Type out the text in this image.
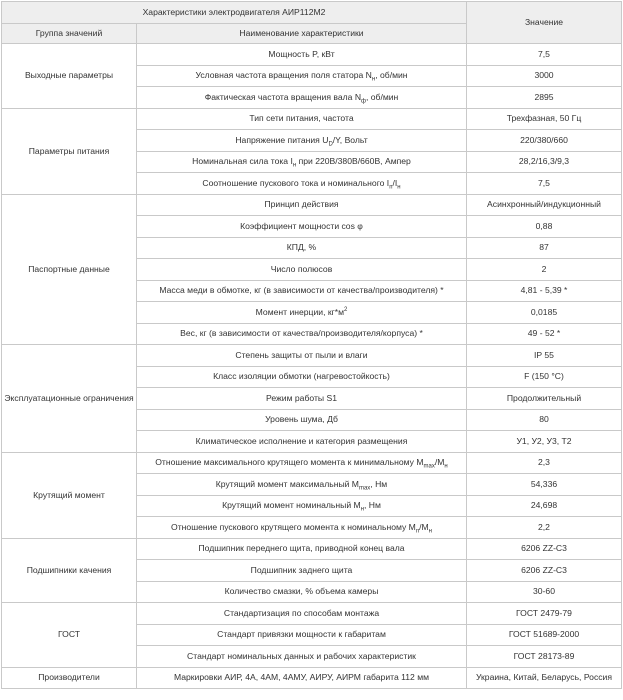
Характеристики электродвигателя АИР112М2		Значение
Группа значений	Наименование характеристики	
Выходные параметры	Мощность P, кВт	7,5
	Условная частота вращения поля статора $N_н$, об/мин	3000
	Фактическая частота вращения вала $N_ф$, об/мин	2895
Параметры питания	Тип сети питания, частота	Трехфазная, 50 Гц
	Напряжение питания $U_D/Y$, Вольт	220/380/660
	Номинальная сила тока $I_н$ при 220В/380В/660В, Ампер	28,2/16,3/9,3
	Соотношение пускового тока и номинального $I_п/I_н$	7,5
Паспортные данные	Принцип действия	Асинхронный/индукционный
	Коэффициент мощности cos φ	0,88
	КПД, %	87
	Число полюсов	2
	Масса меди в обмотке, кг (в зависимости от качества/производителя) *	4,81 - 5,39 *
	Момент инерции, $кг*м^2$	0,0185
	Вес, кг (в зависимости от качества/производителя/корпуса) *	49 - 52 *
Эксплуатационные ограничения	Степень защиты от пыли и влаги	IP 55
	Класс изоляции обмотки (нагревостойкость)	F (150 °C)
	Режим работы S1	Продолжительный
	Уровень шума, Дб	80
	Климатическое исполнение и категория размещения	У1, У2, У3, Т2
Крутящий момент	Отношение максимального крутящего момента к минимальному $M_{max}/M_н$	2,3
	Крутящий момент максимальный $M_{max}$, Нм	54,336
	Крутящий момент номинальный $M_н$, Нм	24,698
	Отношение пускового крутящего момента к номинальному $M_п/M_н$	2,2
Подшипники качения	Подшипник переднего щита, приводной конец вала	6206 ZZ-C3
	Подшипник заднего щита	6206 ZZ-C3
	Количество смазки, % объема камеры	30-60
ГОСТ	Стандартизация по способам монтажа	ГОСТ 2479-79
	Стандарт привязки мощности к габаритам	ГОСТ 51689-2000
	Стандарт номинальных данных и рабочих характеристик	ГОСТ 28173-89
Производители	Маркировки АИР, 4А, 4АМ, 4АМУ, АИРУ, АИРМ габарита 112 мм	Украина, Китай, Беларусь, Россия
